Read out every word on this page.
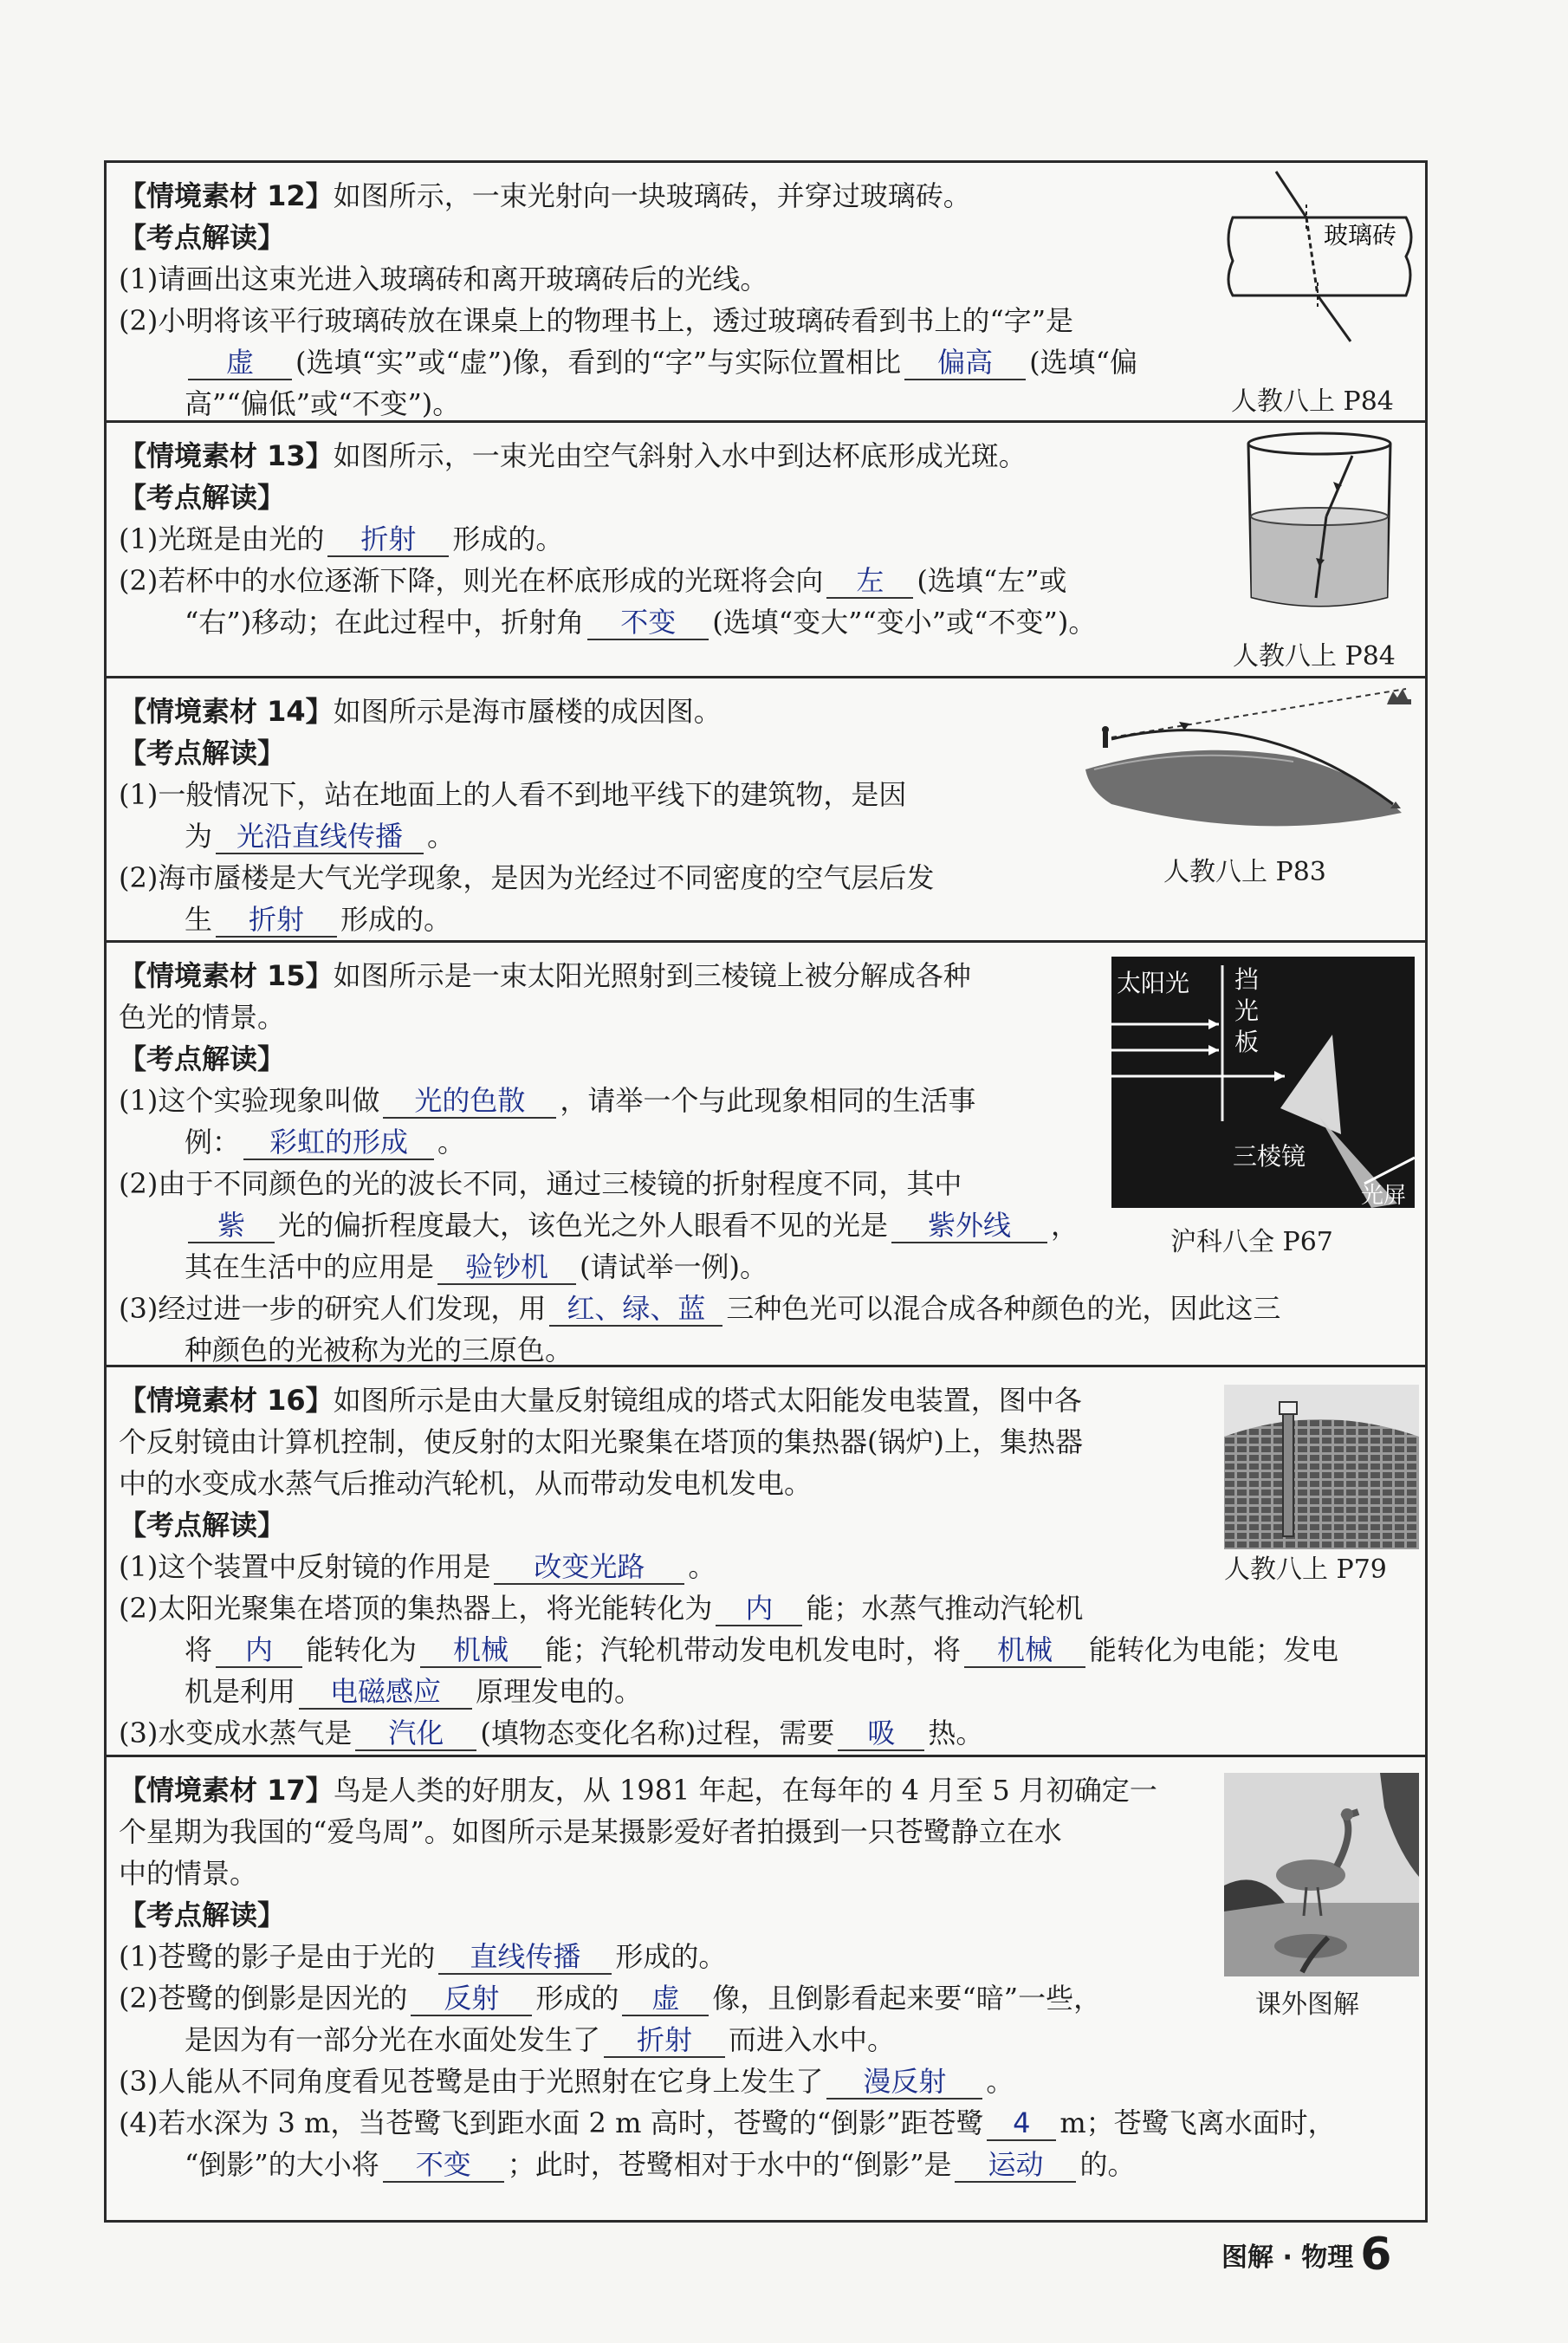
【情境素材 12】如图所示，一束光射向一块玻璃砖，并穿过玻璃砖。
【考点解读】
(1)请画出这束光进入玻璃砖和离开玻璃砖后的光线。
(2)小明将该平行玻璃砖放在课桌上的物理书上，透过玻璃砖看到书上的“字”是
虚 (选填“实”或“虚”)像，看到的“字”与实际位置相比 偏高 (选填“偏
高”“偏低”或“不变”)。
玻璃砖
人教八上 P84
【情境素材 13】如图所示，一束光由空气斜射入水中到达杯底形成光斑。
【考点解读】
(1)光斑是由光的 折射 形成的。
(2)若杯中的水位逐渐下降，则光在杯底形成的光斑将会向 左 (选填“左”或
“右”)移动；在此过程中，折射角 不变 (选填“变大”“变小”或“不变”)。
人教八上 P84
【情境素材 14】如图所示是海市蜃楼的成因图。
【考点解读】
(1)一般情况下，站在地面上的人看不到地平线下的建筑物，是因
为 光沿直线传播 。
(2)海市蜃楼是大气光学现象，是因为光经过不同密度的空气层后发
生 折射 形成的。
人教八上 P83
【情境素材 15】如图所示是一束太阳光照射到三棱镜上被分解成各种
色光的情景。
【考点解读】
(1)这个实验现象叫做 光的色散 ，请举一个与此现象相同的生活事
例： 彩虹的形成 。
(2)由于不同颜色的光的波长不同，通过三棱镜的折射程度不同，其中
紫 光的偏折程度最大，该色光之外人眼看不见的光是 紫外线 ，
其在生活中的应用是 验钞机 (请试举一例)。
(3)经过进一步的研究人们发现，用 红、绿、蓝 三种色光可以混合成各种颜色的光，因此这三
种颜色的光被称为光的三原色。
太阳光 挡
光
板
三棱镜
光屏
沪科八全 P67
【情境素材 16】如图所示是由大量反射镜组成的塔式太阳能发电装置，图中各
个反射镜由计算机控制，使反射的太阳光聚集在塔顶的集热器(锅炉)上，集热器
中的水变成水蒸气后推动汽轮机，从而带动发电机发电。
【考点解读】
(1)这个装置中反射镜的作用是 改变光路 。
(2)太阳光聚集在塔顶的集热器上，将光能转化为 内 能；水蒸气推动汽轮机
将 内 能转化为 机械 能；汽轮机带动发电机发电时，将 机械 能转化为电能；发电
机是利用 电磁感应 原理发电的。
(3)水变成水蒸气是 汽化 (填物态变化名称)过程，需要 吸 热。
人教八上 P79
【情境素材 17】鸟是人类的好朋友，从 1981 年起，在每年的 4 月至 5 月初确定一
个星期为我国的“爱鸟周”。如图所示是某摄影爱好者拍摄到一只苍鹭静立在水
中的情景。
【考点解读】
(1)苍鹭的影子是由于光的 直线传播 形成的。
(2)苍鹭的倒影是因光的 反射 形成的 虚 像，且倒影看起来要“暗”一些，
是因为有一部分光在水面处发生了 折射 而进入水中。
(3)人能从不同角度看见苍鹭是由于光照射在它身上发生了 漫反射 。
(4)若水深为 3 m，当苍鹭飞到距水面 2 m 高时，苍鹭的“倒影”距苍鹭 4 m；苍鹭飞离水面时，
“倒影”的大小将 不变 ；此时，苍鹭相对于水中的“倒影”是 运动 的。
课外图解
图解 · 物理 6
